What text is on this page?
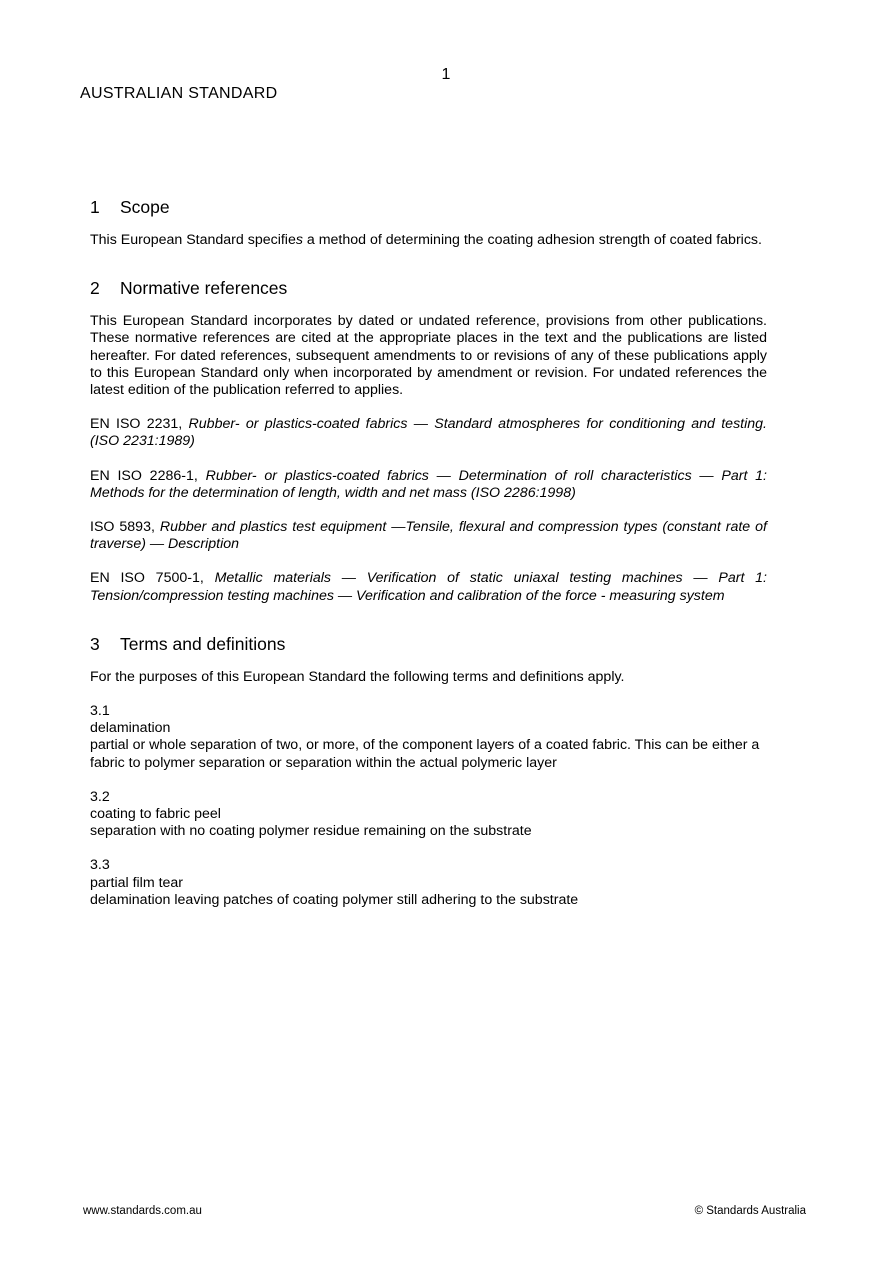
1
AUSTRALIAN STANDARD
1 Scope

This European Standard specifies a method of determining the coating adhesion strength of coated fabrics.

2 Normative references

This European Standard incorporates by dated or undated reference, provisions from other publications. These normative references are cited at the appropriate places in the text and the publications are listed hereafter. For dated references, subsequent amendments to or revisions of any of these publications apply to this European Standard only when incorporated by amendment or revision. For undated references the latest edition of the publication referred to applies.

EN ISO 2231, Rubber- or plastics-coated fabrics — Standard atmospheres for conditioning and testing. (ISO 2231:1989)

EN ISO 2286-1, Rubber- or plastics-coated fabrics — Determination of roll characteristics — Part 1: Methods for the determination of length, width and net mass (ISO 2286:1998)

ISO 5893, Rubber and plastics test equipment —Tensile, flexural and compression types (constant rate of traverse) — Description

EN ISO 7500-1, Metallic materials — Verification of static uniaxal testing machines — Part 1: Tension/compression testing machines — Verification and calibration of the force - measuring system

3 Terms and definitions

For the purposes of this European Standard the following terms and definitions apply.

3.1
delamination
partial or whole separation of two, or more, of the component layers of a coated fabric. This can be either a fabric to polymer separation or separation within the actual polymeric layer
3.2
coating to fabric peel
separation with no coating polymer residue remaining on the substrate
3.3
partial film tear
delamination leaving patches of coating polymer still adhering to the substrate
www.standards.com.au	© Standards Australia
